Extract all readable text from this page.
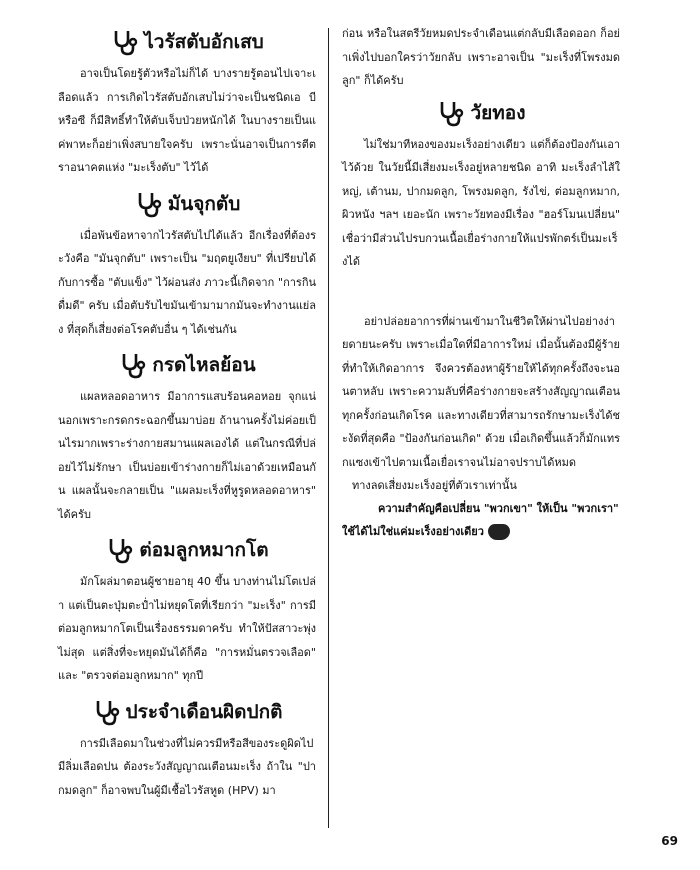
ไวรัสตับอักเสบ

อาจเป็นโดยรู้ตัวหรือไม่ก็ได้ บางรายรู้ตอนไปเจาะเลือดแล้ว การเกิดไวรัสตับอักเสบไม่ว่าจะเป็นชนิดเอ บี หรือซี ก็มีสิทธิ์ทำให้ตับเจ็บป่วยหนักได้ ในบางรายเป็นแค่พาหะก็อย่าเพิ่งสบายใจครับ เพราะนั่นอาจเป็นการตีตราอนาคตแห่ง "มะเร็งตับ" ไว้ได้

มันจุกตับ

เมื่อพ้นข้อหาจากไวรัสตับไปได้แล้ว อีกเรื่องที่ต้องระวังคือ "มันจุกตับ" เพราะเป็น "มฤตยูเงียบ" ที่เปรียบได้กับการซื้อ "ตับแข็ง" ไว้ผ่อนส่ง ภาวะนี้เกิดจาก "การกินดื่มดี" ครับ เมื่อตับรับไขมันเข้ามามากมันจะทำงานแย่ลง ที่สุดก็เสี่ยงต่อโรคตับอื่น ๆ ได้เช่นกัน

กรดไหลย้อน

แผลหลอดอาหาร มีอาการแสบร้อนคอหอย จุกแน่นอกเพราะกรดกระฉอกขึ้นมาบ่อย ถ้านานครั้งไม่ค่อยเป็นไรมากเพราะร่างกายสมานแผลเองได้ แต่ในกรณีที่ปล่อยไว้ไม่รักษา เป็นบ่อยเข้าร่างกายก็ไม่เอาด้วยเหมือนกัน แผลนั้นจะกลายเป็น "แผลมะเร็งที่หูรูดหลอดอาหาร" ได้ครับ

ต่อมลูกหมากโต

มักโผล่มาตอนผู้ชายอายุ 40 ขึ้น บางท่านไม่โตเปล่า แต่เป็นตะปุ่มตะป่ำไม่หยุดโตที่เรียกว่า "มะเร็ง" การมีต่อมลูกหมากโตเป็นเรื่องธรรมดาครับ ทำให้ปัสสาวะพุ่งไม่สุด แต่สิ่งที่จะหยุดมันได้ก็คือ "การหมั่นตรวจเลือด" และ "ตรวจต่อมลูกหมาก" ทุกปี

ประจำเดือนผิดปกติ

การมีเลือดมาในช่วงที่ไม่ควรมีหรือสีของระดูผิดไป มีลิ่มเลือดปน ต้องระวังสัญญาณเตือนมะเร็ง ถ้าใน "ปากมดลูก" ก็อาจพบในผู้มีเชื้อไวรัสหูด (HPV) มา

ก่อน หรือในสตรีวัยหมดประจำเดือนแต่กลับมีเลือดออก ก็อย่าเพิ่งไปบอกใครว่าวัยกลับ เพราะอาจเป็น "มะเร็งที่โพรงมดลูก" ก็ได้ครับ

วัยทอง

ไม่ใช่มาทีหองของมะเร็งอย่างเดียว แต่ก็ต้องป้องกันเอาไว้ด้วย ในวัยนี้มีเสี่ยงมะเร็งอยู่หลายชนิด อาทิ มะเร็งลำไส้ใหญ่, เต้านม, ปากมดลูก, โพรงมดลูก, รังไข่, ต่อมลูกหมาก, ผิวหนัง ฯลฯ เยอะนัก เพราะวัยทองมีเรื่อง "ฮอร์โมนเปลี่ยน" เชื่อว่ามีส่วนไปรบกวนเนื้อเยื่อร่างกายให้แปรพักตร์เป็นมะเร็งได้

อย่าปล่อยอาการที่ผ่านเข้ามาในชีวิตให้ผ่านไปอย่างง่ายดายนะครับ เพราะเมื่อใดที่มีอาการใหม่ เมื่อนั้นต้องมีผู้ร้ายที่ทำให้เกิดอาการ จึงควรต้องหาผู้ร้ายให้ได้ทุกครั้งถึงจะนอนตาหลับ เพราะความลับที่คือร่างกายจะสร้างสัญญาณเตือนทุกครั้งก่อนเกิดโรค และทางเดียวที่สามารถรักษามะเร็งได้ชะงัดที่สุดคือ "ป้องกันก่อนเกิด" ด้วย เมื่อเกิดขึ้นแล้วก็มักแทรกแซงเข้าไปตามเนื้อเยื่อเราจนไม่อาจปราบได้หมด

ทางลดเสี่ยงมะเร็งอยู่ที่ตัวเราเท่านั้น

ความสำคัญคือเปลี่ยน "พวกเขา" ให้เป็น "พวกเรา" ใช้ได้ไม่ใช่แค่มะเร็งอย่างเดียว	ใส่ใจ

69
